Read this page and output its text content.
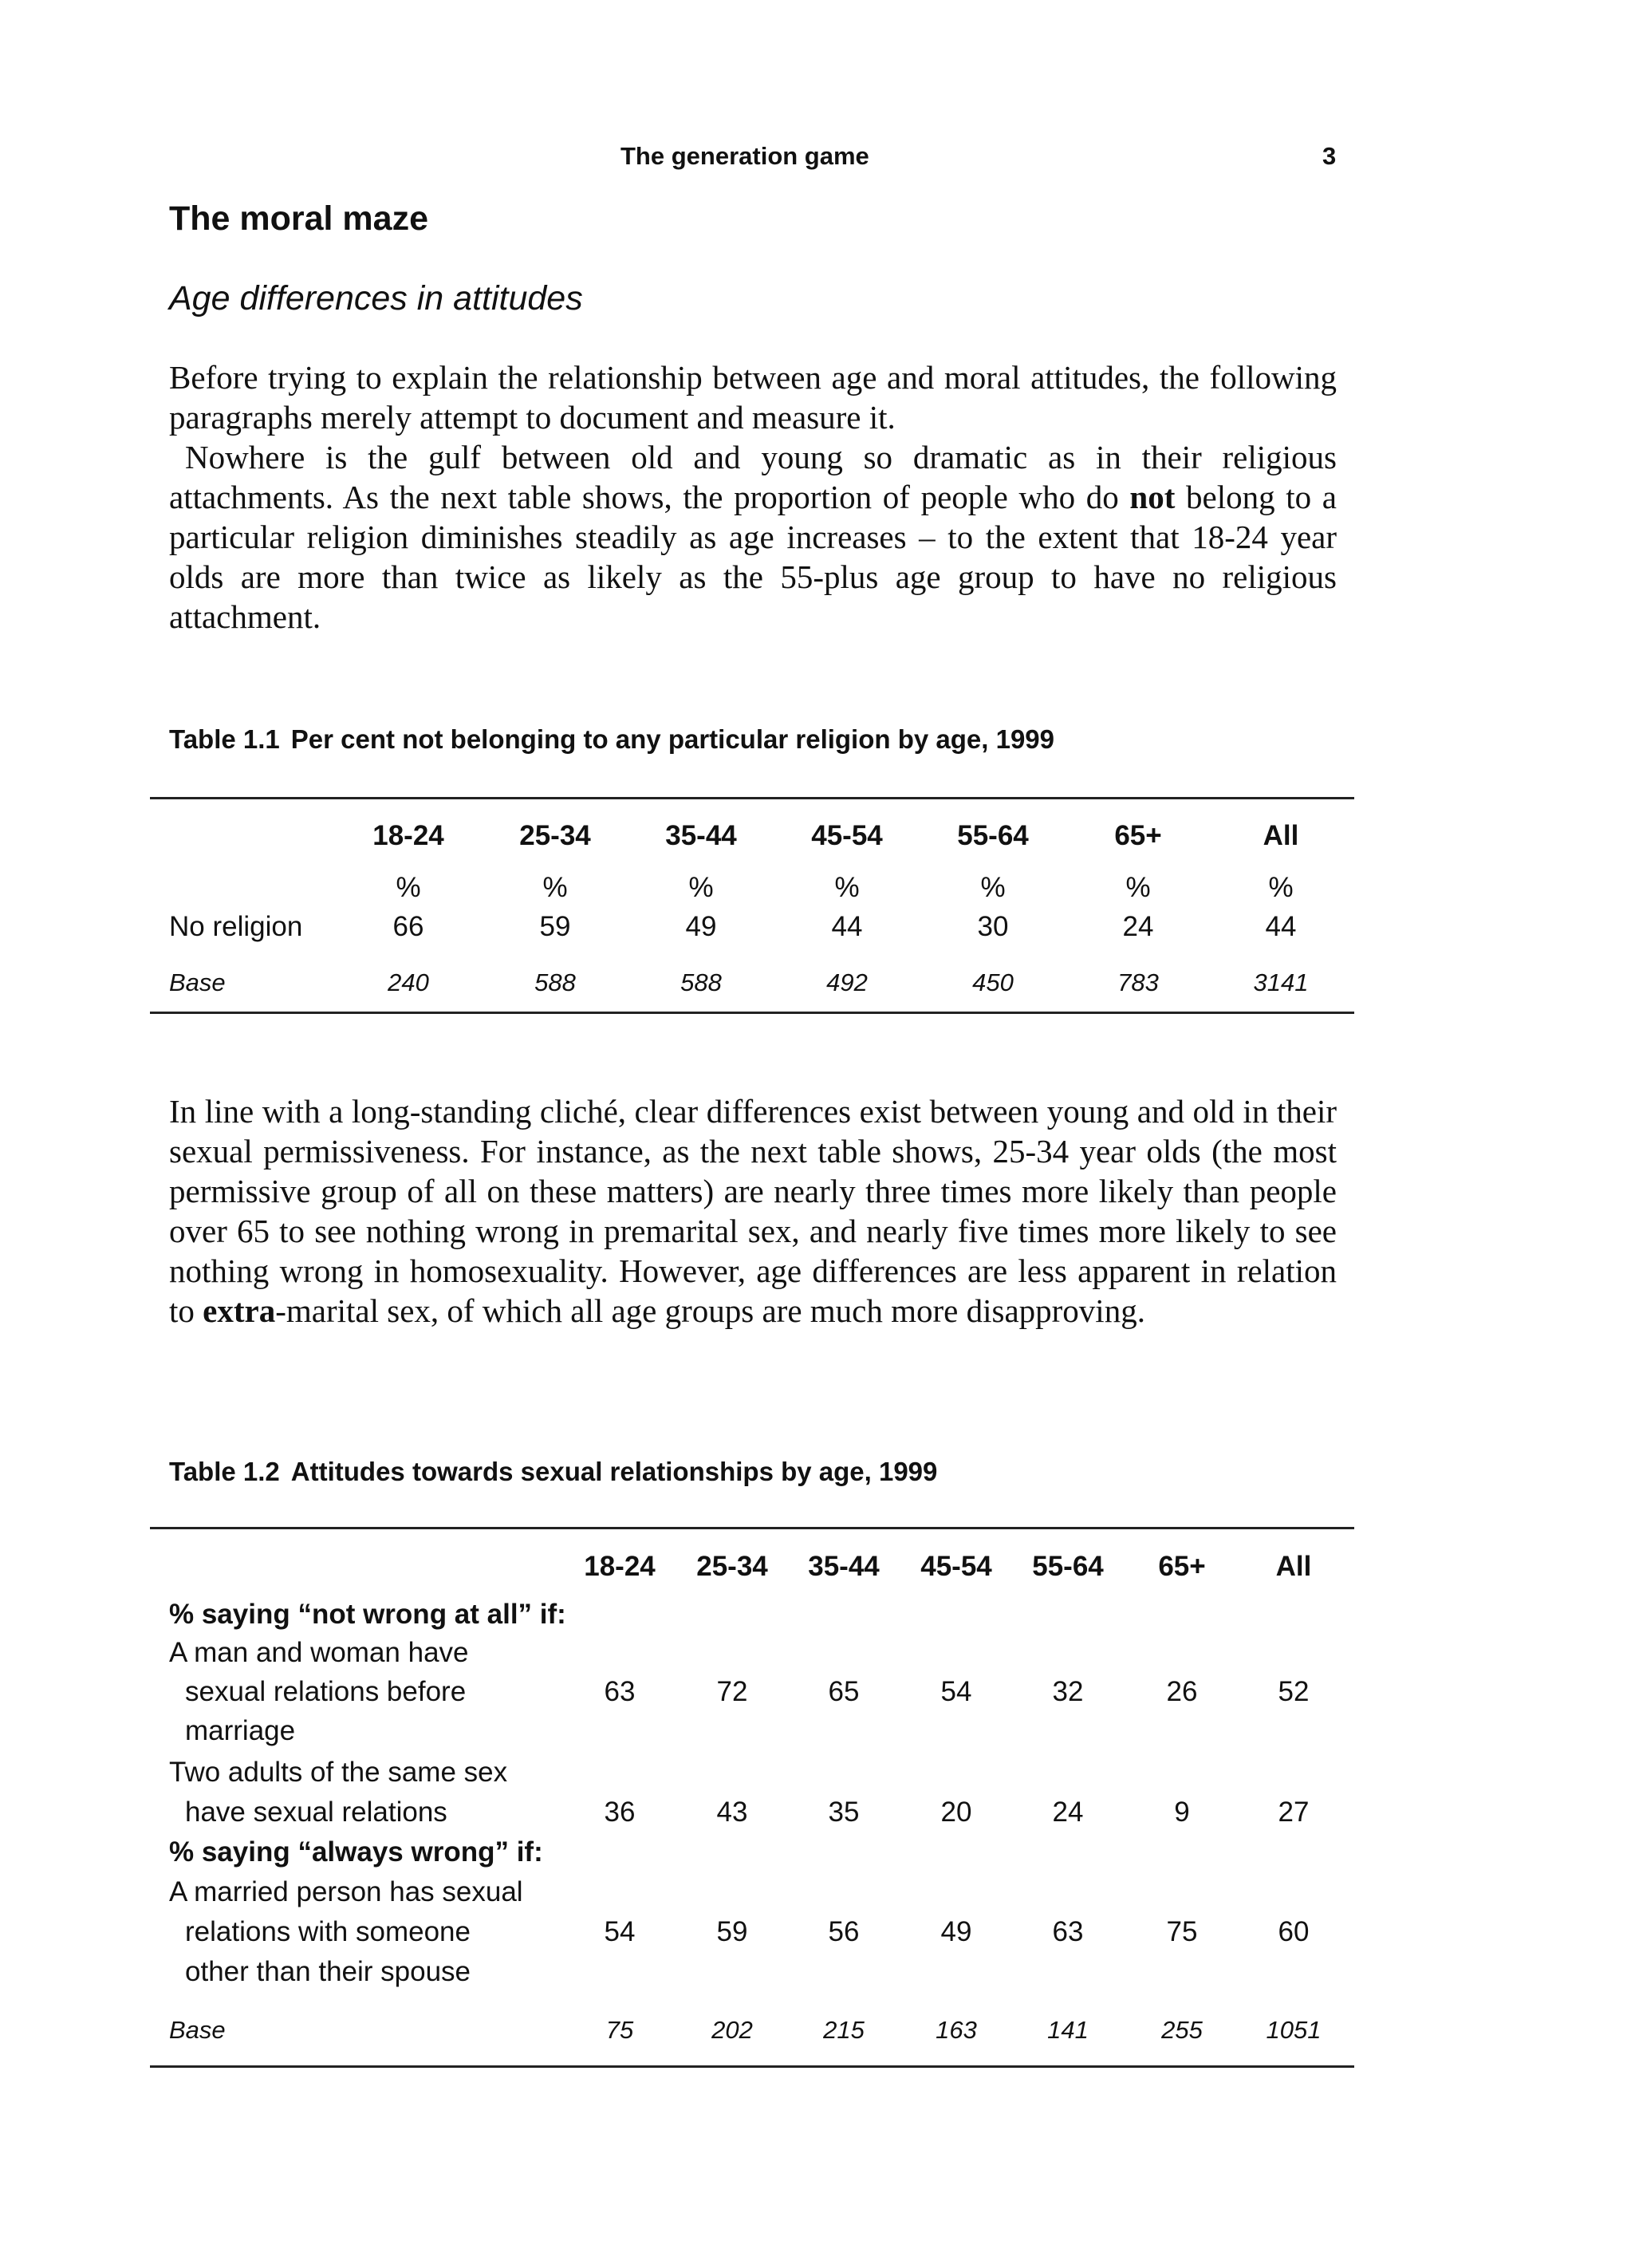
The generation game	3
The moral maze
Age differences in attitudes

Before trying to explain the relationship between age and moral attitudes, the following paragraphs merely attempt to document and measure it.

Nowhere is the gulf between old and young so dramatic as in their religious attachments. As the next table shows, the proportion of people who do not belong to a particular religion diminishes steadily as age increases – to the extent that 18-24 year olds are more than twice as likely as the 55-plus age group to have no religious attachment.

Table 1.1 Per cent not belonging to any particular religion by age, 1999
18-24	25-34	35-44	45-54	55-64	65+	All
%	%	%	%	%	%	%
No religion	66	59	49	44	30	24	44
Base	240	588	588	492	450	783	3141

In line with a long-standing cliché, clear differences exist between young and old in their sexual permissiveness. For instance, as the next table shows, 25-34 year olds (the most permissive group of all on these matters) are nearly three times more likely than people over 65 to see nothing wrong in premarital sex, and nearly five times more likely to see nothing wrong in homosexuality. However, age differences are less apparent in relation to extra-marital sex, of which all age groups are much more disapproving.

Table 1.2 Attitudes towards sexual relationships by age, 1999
18-24 25-34 35-44 45-54 55-64 65+	All
% saying “not wrong at all” if:
A man and woman have
sexual relations before
marriage
63	72	65	54	32	26	52
Two adults of the same sex
have sexual relations	36	43	35	20	24	9	27
% saying “always wrong” if:
A married person has sexual
relations with someone
other than their spouse
54	59	56	49	63	75	60
Base	75	202	215	163	141	255	1051
